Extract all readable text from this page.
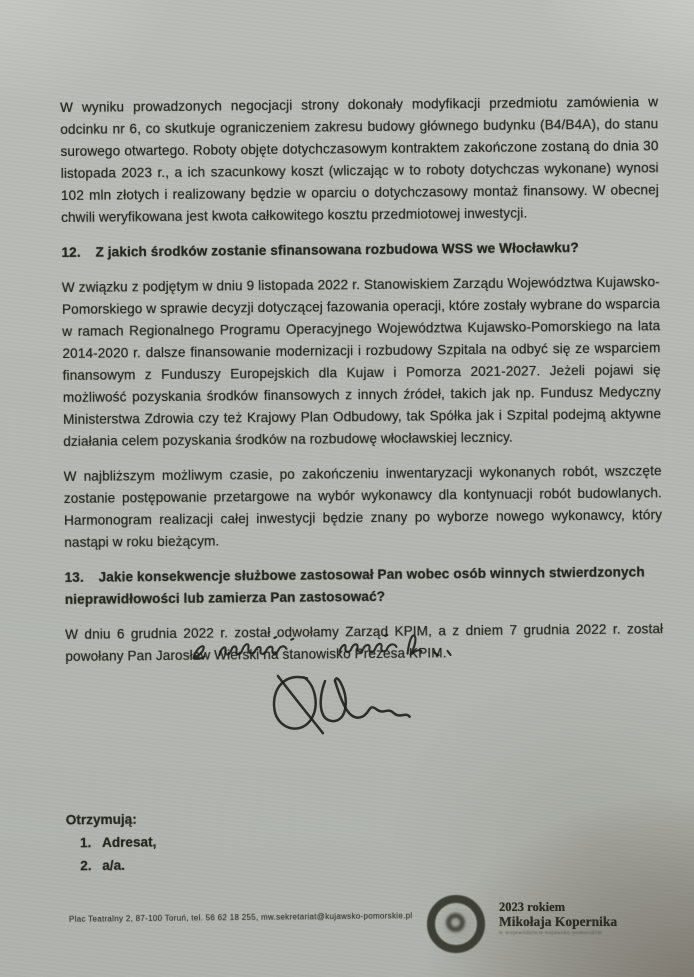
W wyniku prowadzonych negocjacji strony dokonały modyfikacji przedmiotu zamówienia w odcinku nr 6, co skutkuje ograniczeniem zakresu budowy głównego budynku (B4/B4A), do stanu surowego otwartego. Roboty objęte dotychczasowym kontraktem zakończone zostaną do dnia 30 listopada 2023 r., a ich szacunkowy koszt (wliczając w to roboty dotychczas wykonane) wynosi 102 mln złotych i realizowany będzie w oparciu o dotychczasowy montaż finansowy. W obecnej chwili weryfikowana jest kwota całkowitego kosztu przedmiotowej inwestycji.

12. Z jakich środków zostanie sfinansowana rozbudowa WSS we Włocławku?

W związku z podjętym w dniu 9 listopada 2022 r. Stanowiskiem Zarządu Województwa Kujawsko-Pomorskiego w sprawie decyzji dotyczącej fazowania operacji, które zostały wybrane do wsparcia w ramach Regionalnego Programu Operacyjnego Województwa Kujawsko-Pomorskiego na lata 2014-2020 r. dalsze finansowanie modernizacji i rozbudowy Szpitala na odbyć się ze wsparciem finansowym z Funduszy Europejskich dla Kujaw i Pomorza 2021-2027. Jeżeli pojawi się możliwość pozyskania środków finansowych z innych źródeł, takich jak np. Fundusz Medyczny Ministerstwa Zdrowia czy też Krajowy Plan Odbudowy, tak Spółka jak i Szpital podejmą aktywne działania celem pozyskania środków na rozbudowę włocławskiej lecznicy.

W najbliższym możliwym czasie, po zakończeniu inwentaryzacji wykonanych robót, wszczęte zostanie postępowanie przetargowe na wybór wykonawcy dla kontynuacji robót budowlanych. Harmonogram realizacji całej inwestycji będzie znany po wyborze nowego wykonawcy, który nastąpi w roku bieżącym.

13. Jakie konsekwencje służbowe zastosował Pan wobec osób winnych stwierdzonych nieprawidłowości lub zamierza Pan zastosować?

W dniu 6 grudnia 2022 r. został odwołamy Zarząd KPIM, a z dniem 7 grudnia 2022 r. został powołany Pan Jarosław Wierski na stanowisko Prezesa KPIM.

Otrzymują:
1. Adresat,
2. a/a.
Plac Teatralny 2, 87-100 Toruń, tel. 56 62 18 255, mw.sekretariat@kujawsko-pomorskie.pl
2023 rokiem
Mikołaja Kopernika
w województwie kujawsko-pomorskim
